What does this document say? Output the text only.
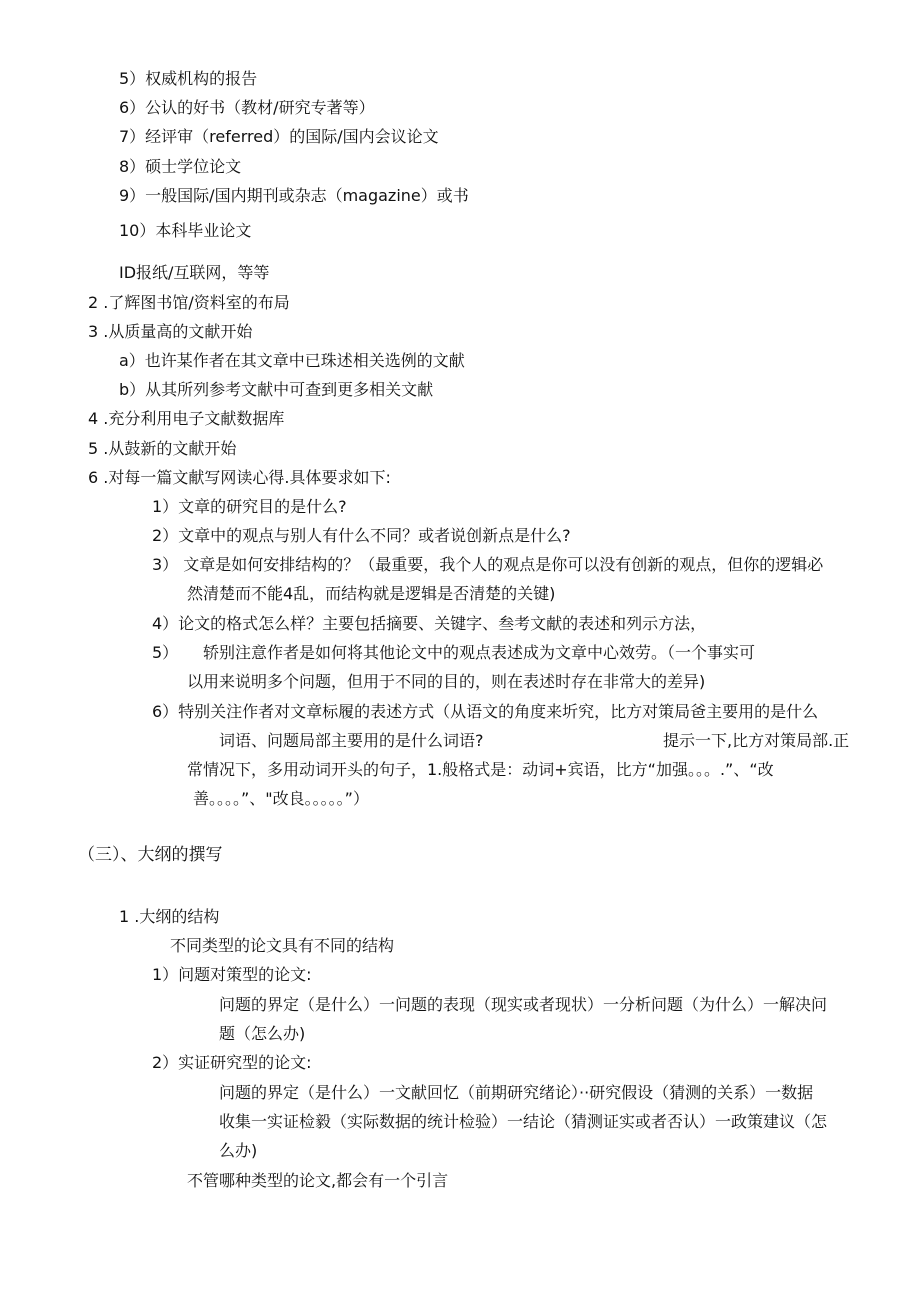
5）权威机构的报告
6）公认的好书（教材/研究专著等）
7）经评审（referred）的国际/国内会议论文
8）硕士学位论文
9）一般国际/国内期刊或杂志（magazine）或书
10）本科毕业论文
ID报纸/互联网，等等
2 .了辉图书馆/资料室的布局
3 .从质量高的文献开始
a）也许某作者在其文章中已珠述相关选例的文献
b）从其所列参考文献中可查到更多相关文献
4 .充分利用电子文献数据库
5 .从鼓新的文献开始
6 .对每一篇文献写网读心得.具体要求如下:
1）文章的研究目的是什么?
2）文章中的观点与别人有什么不同？或者说创新点是什么?
3） 文章是如何安排结构的？（最重要，我个人的观点是你可以没有创新的观点，但你的逻辑必
然清楚而不能4乱，而结构就是逻辑是否清楚的关键)
4）论文的格式怎么样？主要包括摘要、关键字、叁考文献的表述和列示方法，
5） 轿别注意作者是如何将其他论文中的观点表述成为文章中心效劳。（一个事实可
以用来说明多个问题，但用于不同的目的，则在表述时存在非常大的差异)
6）特别关注作者对文章标履的表述方式（从语文的角度来圻究，比方对策局爸主要用的是什么
词语、问题局部主要用的是什么词语?	提示一下,比方对策局部.正
常情况下，多用动词开头的句子，1.般格式是：动词+宾语，比方“加强。。。.”、“改
善。。。。”、"改良。。。。。”）
（三）、大纲的撰写
1 .大纲的结构
不同类型的论文具有不同的结构
1）问题对策型的论文:
问题的界定（是什么）一问题的表现（现实或者现状）一分析问题（为什么）一解决问
题（怎么办)
2）实证研究型的论文:
问题的界定（是什么）一文献回忆（前期研究绪论）··研究假设（猜测的关系）一数据
收集一实证检毅（实际数据的统计检验）一结论（猜测证实或者否认）一政策建议（怎
么办)
不管哪种类型的论文,都会有一个引言
